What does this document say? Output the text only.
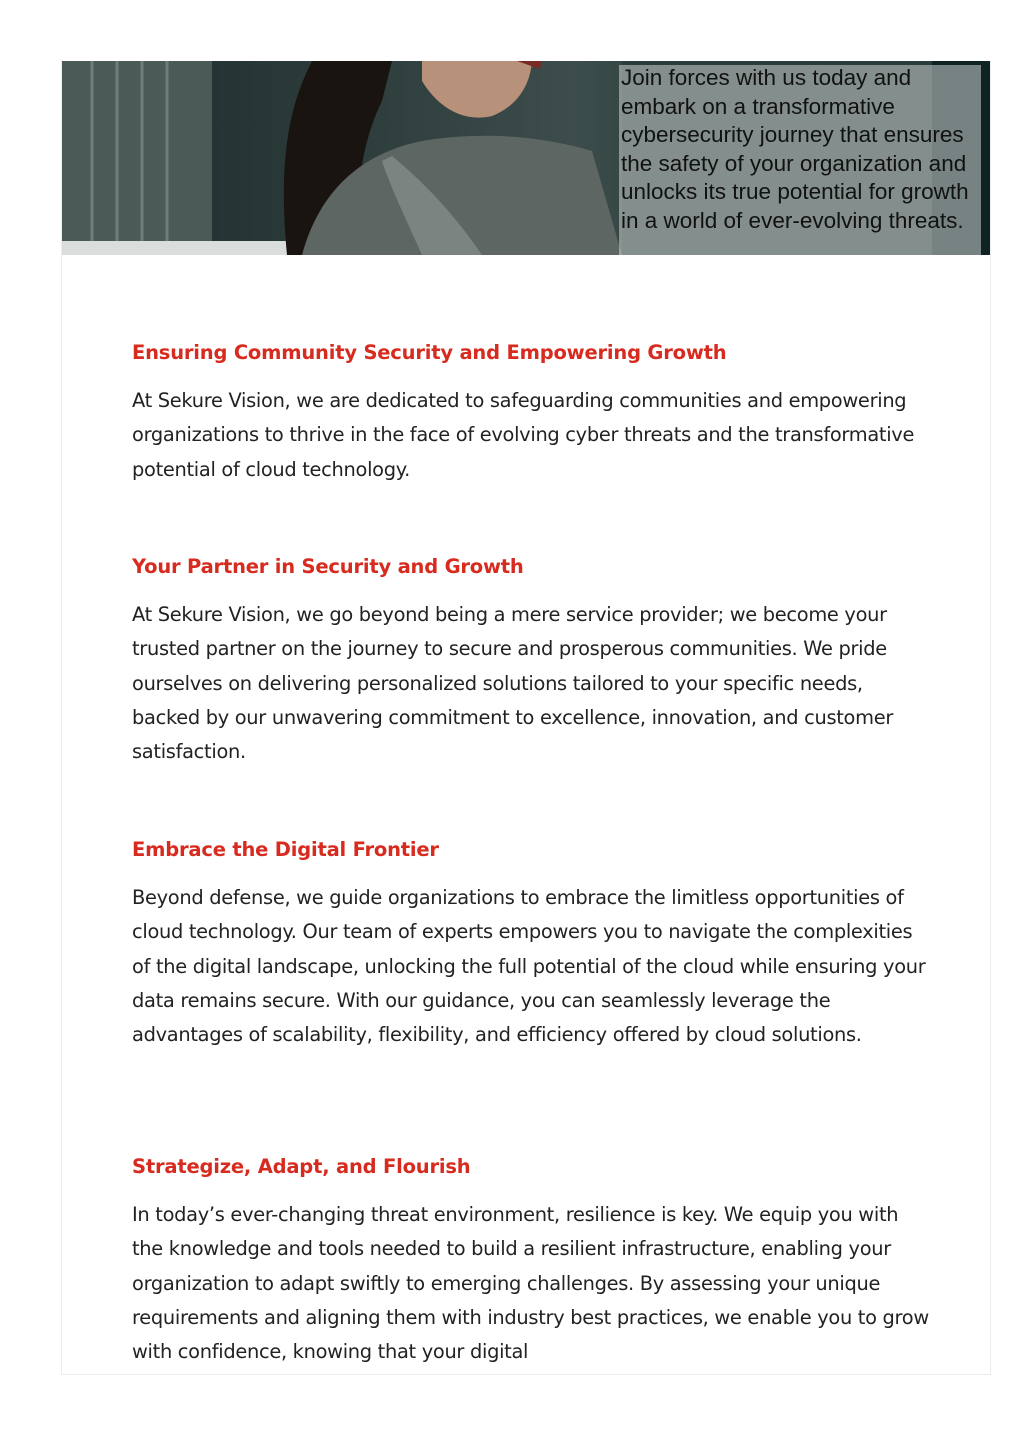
Join forces with us today and embark on a transformative cybersecurity journey that ensures the safety of your organization and unlocks its true potential for growth in a world of ever-evolving threats.

Ensuring Community Security and Empowering Growth

At Sekure Vision, we are dedicated to safeguarding communities and empowering organizations to thrive in the face of evolving cyber threats and the transformative potential of cloud technology.

Your Partner in Security and Growth

At Sekure Vision, we go beyond being a mere service provider; we become your trusted partner on the journey to secure and prosperous communities. We pride ourselves on delivering personalized solutions tailored to your specific needs, backed by our unwavering commitment to excellence, innovation, and customer satisfaction.

Embrace the Digital Frontier

Beyond defense, we guide organizations to embrace the limitless opportunities of cloud technology. Our team of experts empowers you to navigate the complexities of the digital landscape, unlocking the full potential of the cloud while ensuring your data remains secure. With our guidance, you can seamlessly leverage the advantages of scalability, flexibility, and efficiency offered by cloud solutions.

Strategize, Adapt, and Flourish

In today’s ever-changing threat environment, resilience is key. We equip you with the knowledge and tools needed to build a resilient infrastructure, enabling your organization to adapt swiftly to emerging challenges. By assessing your unique requirements and aligning them with industry best practices, we enable you to grow with confidence, knowing that your digital
